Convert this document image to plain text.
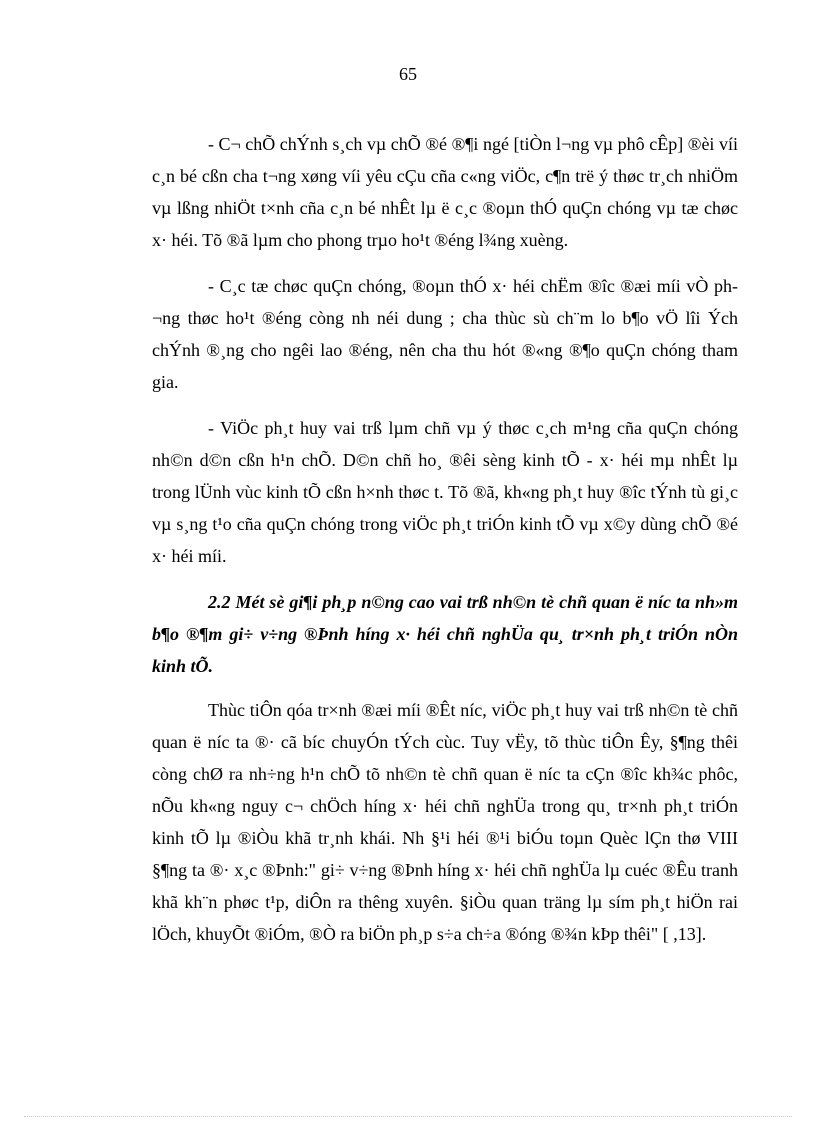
65

- C¬ chÕ chÝnh s¸ch vµ chÕ ®é ®¶i ngé [tiÒn l¬ng vµ phô cÊp] ®èi víi c¸n bé cßn cha t¬ng xøng víi yêu cÇu cña c«ng viÖc, c¶n trë ý thøc tr¸ch nhiÖm vµ lßng nhiÖt t×nh cña c¸n bé nhÊt lµ ë c¸c ®oµn thÓ quÇn chóng vµ tæ chøc x· héi. Tõ ®ã lµm cho phong trµo ho¹t ®éng l¾ng xuèng.

- C¸c tæ chøc quÇn chóng, ®oµn thÓ x· héi chËm ®îc ®æi míi vÒ ph¬ng thøc ho¹t ®éng còng nh néi dung ; cha thùc sù ch¨m lo b¶o vÖ lîi Ých chÝnh ®¸ng cho ngêi lao ®éng, nên cha thu hót ®«ng ®¶o quÇn chóng tham gia.

- ViÖc ph¸t huy vai trß lµm chñ vµ ý thøc c¸ch m¹ng cña quÇn chóng nh©n d©n cßn h¹n chÕ. D©n chñ ho¸ ®êi sèng kinh tÕ - x· héi mµ nhÊt lµ trong lÜnh vùc kinh tÕ cßn h×nh thøc t. Tõ ®ã, kh«ng ph¸t huy ®îc tÝnh tù gi¸c vµ s¸ng t¹o cña quÇn chóng trong viÖc ph¸t triÓn kinh tÕ vµ x©y dùng chÕ ®é x· héi míi.

2.2 Mét sè gi¶i ph¸p n©ng cao vai trß nh©n tè chñ quan ë níc ta nh»m b¶o ®¶m gi÷ v÷ng ®Þnh híng x· héi chñ nghÜa qu¸ tr×nh ph¸t triÓn nÒn kinh tÕ.

Thùc tiÔn qóa tr×nh ®æi míi ®Êt níc, viÖc ph¸t huy vai trß nh©n tè chñ quan ë níc ta ®· cã bíc chuyÓn tÝch cùc. Tuy vËy, tõ thùc tiÔn Êy, §¶ng thêi còng chØ ra nh÷ng h¹n chÕ tõ nh©n tè chñ quan ë níc ta cÇn ®îc kh¾c phôc, nÕu kh«ng nguy c¬ chÖch híng x· héi chñ nghÜa trong qu¸ tr×nh ph¸t triÓn kinh tÕ lµ ®iÒu khã tr¸nh khái. Nh §¹i héi ®¹i biÓu toµn Quèc lÇn thø VIII §¶ng ta ®· x¸c ®Þnh:" gi÷ v÷ng ®Þnh híng x· héi chñ nghÜa lµ cuéc ®Êu tranh khã kh¨n phøc t¹p, diÔn ra thêng xuyên. §iÒu quan träng lµ sím ph¸t hiÖn rai lÖch, khuyÕt ®iÓm, ®Ò ra biÖn ph¸p s÷a ch÷a ®óng ®¾n kÞp thêi" [ ,13].
